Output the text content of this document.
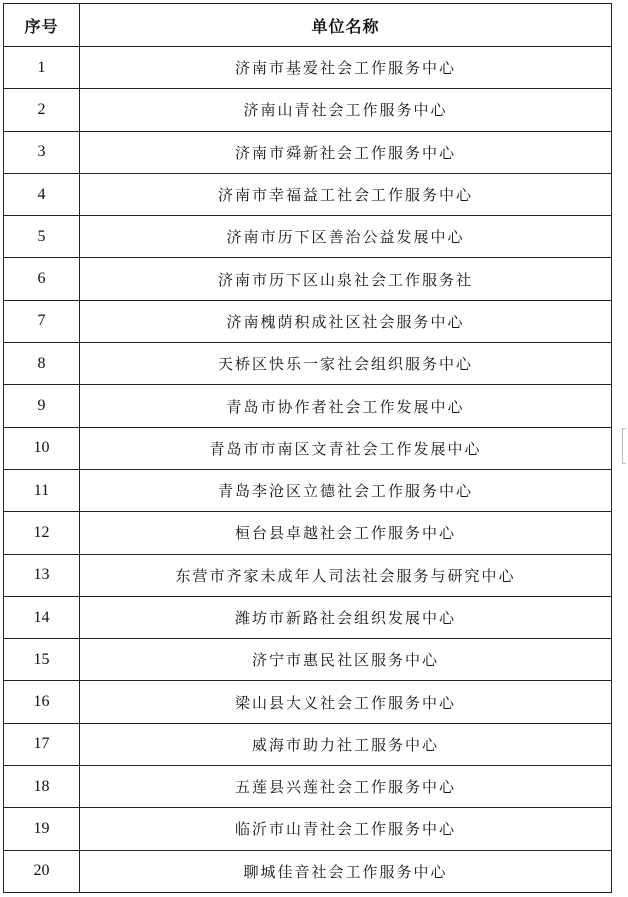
序号	单位名称
1	济南市基爱社会工作服务中心
2	济南山青社会工作服务中心
3	济南市舜新社会工作服务中心
4	济南市幸福益工社会工作服务中心
5	济南市历下区善治公益发展中心
6	济南市历下区山泉社会工作服务社
7	济南槐荫积成社区社会服务中心
8	天桥区快乐一家社会组织服务中心
9	青岛市协作者社会工作发展中心
10	青岛市市南区文青社会工作发展中心
11	青岛李沧区立德社会工作服务中心
12	桓台县卓越社会工作服务中心
13	东营市齐家未成年人司法社会服务与研究中心
14	潍坊市新路社会组织发展中心
15	济宁市惠民社区服务中心
16	梁山县大义社会工作服务中心
17	威海市助力社工服务中心
18	五莲县兴莲社会工作服务中心
19	临沂市山青社会工作服务中心
20	聊城佳音社会工作服务中心
